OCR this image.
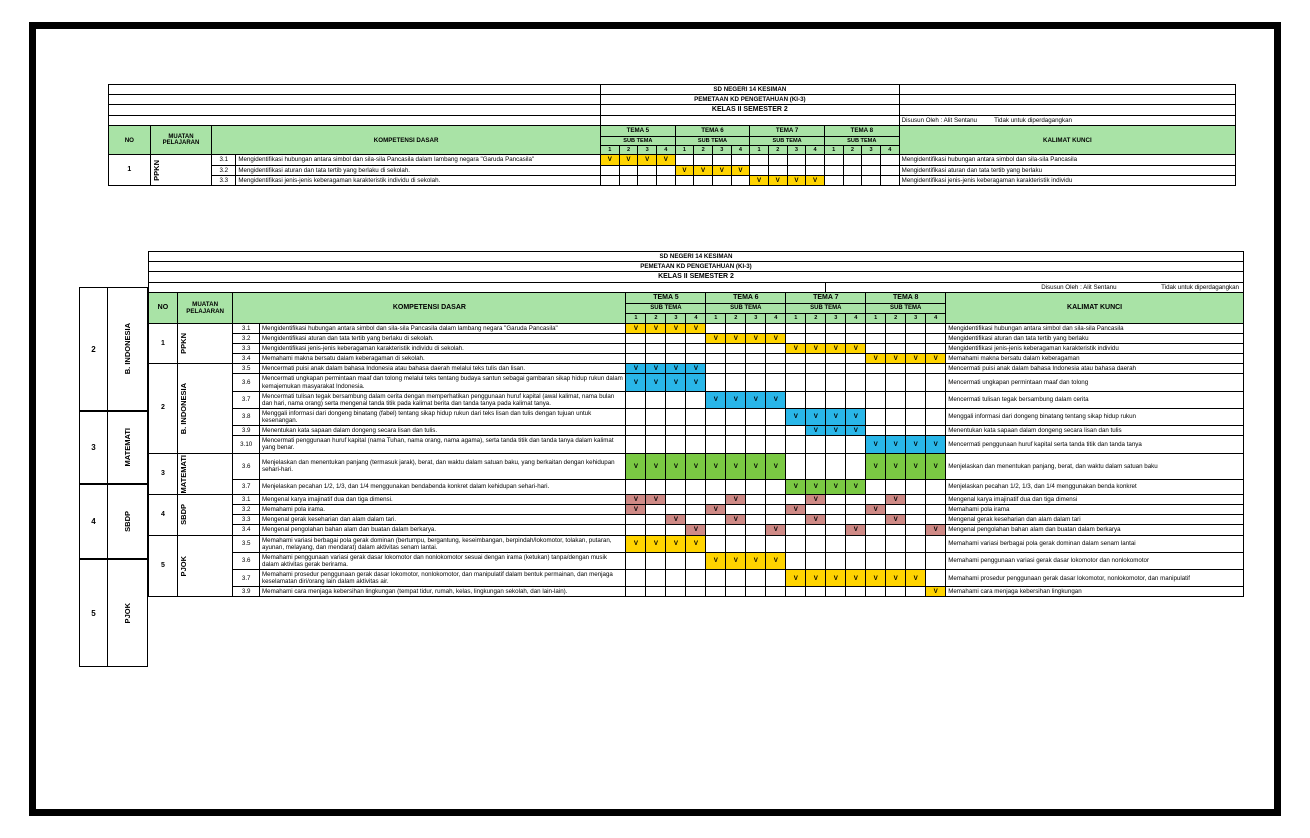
				SD NEGERI 14 KESIMAN																
				PEMETAAN KD PENGETAHUAN (KI-3)																
				KELAS II SEMESTER 2																
																				Disusun Oleh : Alit Sentanu Tidak untuk diperdagangkan
NO	MUATAN PELAJARAN	KOMPETENSI DASAR		TEMA 5				TEMA 6				TEMA 7				TEMA 8				KALIMAT KUNCI
				SUB TEMA				SUB TEMA				SUB TEMA				SUB TEMA				
				1	2	3	4	1	2	3	4	1	2	3	4	1	2	3	4	
1	PPKN	3.1	Mengidentifikasi hubungan antara simbol dan sila-sila Pancasila dalam lambang negara "Garuda Pancasila"	V	V	V	V													Mengidentifikasi hubungan antara simbol dan sila-sila Pancasila
		3.2	Mengidentifikasi aturan dan tata tertib yang berlaku di sekolah.					V	V	V	V									Mengidentifikasi aturan dan tata tertib yang berlaku
		3.3	Mengidentifikasi jenis-jenis keberagaman karakteristik individu di sekolah.									V	V	V	V					Mengidentifikasi jenis-jenis keberagaman karakteristik individu
SD NEGERI 14 KESIMAN																				
PEMETAAN KD PENGETAHUAN (KI-3)																				
KELAS II SEMESTER 2																				
														Disusun Oleh : Alit Sentanu Tidak untuk diperdagangkan						
NO	MUATAN PELAJARAN	KOMPETENSI DASAR		TEMA 5				TEMA 6				TEMA 7				TEMA 8				KALIMAT KUNCI
				SUB TEMA				SUB TEMA				SUB TEMA				SUB TEMA				
				1	2	3	4	1	2	3	4	1	2	3	4	1	2	3	4	
1	PPKN	3.1	Mengidentifikasi hubungan antara simbol dan sila-sila Pancasila dalam lambang negara "Garuda Pancasila"	V	V	V	V													Mengidentifikasi hubungan antara simbol dan sila-sila Pancasila
		3.2	Mengidentifikasi aturan dan tata tertib yang berlaku di sekolah.					V	V	V	V									Mengidentifikasi aturan dan tata tertib yang berlaku
		3.3	Mengidentifikasi jenis-jenis keberagaman karakteristik individu di sekolah.									V	V	V	V					Mengidentifikasi jenis-jenis keberagaman karakteristik individu
		3.4	Memahami makna bersatu dalam keberagaman di sekolah.													V	V	V	V	Memahami makna bersatu dalam keberagaman
2	B. INDONESIA	3.5	Mencermati puisi anak dalam bahasa Indonesia atau bahasa daerah melalui teks tulis dan lisan.	V	V	V	V													Mencermati puisi anak dalam bahasa Indonesia atau bahasa daerah
		3.6	Mencermati ungkapan permintaan maaf dan tolong melalui teks tentang budaya santun sebagai gambaran sikap hidup rukun dalam kemajemukan masyarakat Indonesia.	V	V	V	V													Mencermati ungkapan permintaan maaf dan tolong
		3.7	Mencermati tulisan tegak bersambung dalam cerita dengan memperhatikan penggunaan huruf kapital (awal kalimat, nama bulan dan hari, nama orang) serta mengenal tanda titik pada kalimat berita dan tanda tanya pada kalimat tanya.					V	V	V	V									Mencermati tulisan tegak bersambung dalam cerita
		3.8	Menggali informasi dari dongeng binatang (fabel) tentang sikap hidup rukun dari teks lisan dan tulis dengan tujuan untuk kesenangan.									V	V	V	V					Menggali informasi dari dongeng binatang tentang sikap hidup rukun
		3.9	Menentukan kata sapaan dalam dongeng secara lisan dan tulis.										V	V	V					Menentukan kata sapaan dalam dongeng secara lisan dan tulis
		3.10	Mencermati penggunaan huruf kapital (nama Tuhan, nama orang, nama agama), serta tanda titik dan tanda tanya dalam kalimat yang benar.													V	V	V	V	Mencermati penggunaan huruf kapital serta tanda titik dan tanda tanya
3	MATEMATI	3.6	Menjelaskan dan menentukan panjang (termasuk jarak), berat, dan waktu dalam satuan baku, yang berkaitan dengan kehidupan sehari-hari.	V	V	V	V	V	V	V	V					V	V	V	V	Menjelaskan dan menentukan panjang, berat, dan waktu dalam satuan baku
		3.7	Menjelaskan pecahan 1/2, 1/3, dan 1/4 menggunakan bendabenda konkret dalam kehidupan sehari-hari.									V	V	V	V					Menjelaskan pecahan 1/2, 1/3, dan 1/4 menggunakan benda konkret
4	SBDP	3.1	Mengenal karya imajinatif dua dan tiga dimensi.	V	V				V				V				V			Mengenal karya imajinatif dua dan tiga dimensi
		3.2	Memahami pola irama.	V				V				V				V				Memahami pola irama
		3.3	Mengenal gerak keseharian dan alam dalam tari.			V			V				V				V			Mengenal gerak keseharian dan alam dalam tari
		3.4	Mengenal pengolahan bahan alam dan buatan dalam berkarya.				V				V				V				V	Mengenal pengolahan bahan alam dan buatan dalam berkarya
5	PJOK	3.5	Memahami variasi berbagai pola gerak dominan (bertumpu, bergantung, keseimbangan, berpindah/lokomotor, tolakan, putaran, ayunan, melayang, dan mendarat) dalam aktivitas senam lantai.	V	V	V	V													Memahami variasi berbagai pola gerak dominan dalam senam lantai
		3.6	Memahami penggunaan variasi gerak dasar lokomotor dan nonlokomotor sesuai dengan irama (ketukan) tanpa/dengan musik dalam aktivitas gerak berirama.					V	V	V	V									Memahami penggunaan variasi gerak dasar lokomotor dan nonlokomotor
		3.7	Memahami prosedur penggunaan gerak dasar lokomotor, nonlokomotor, dan manipulatif dalam bentuk permainan, dan menjaga keselamatan diri/orang lain dalam aktivitas air.									V	V	V	V	V	V	V		Memahami prosedur penggunaan gerak dasar lokomotor, nonlokomotor, dan manipulatif
		3.9	Memahami cara menjaga kebersihan lingkungan (tempat tidur, rumah, kelas, lingkungan sekolah, dan lain-lain).																V	Memahami cara menjaga kebersihan lingkungan
2	B. INDONESIA
3	MATEMATI
4	SBDP
5	PJOK
